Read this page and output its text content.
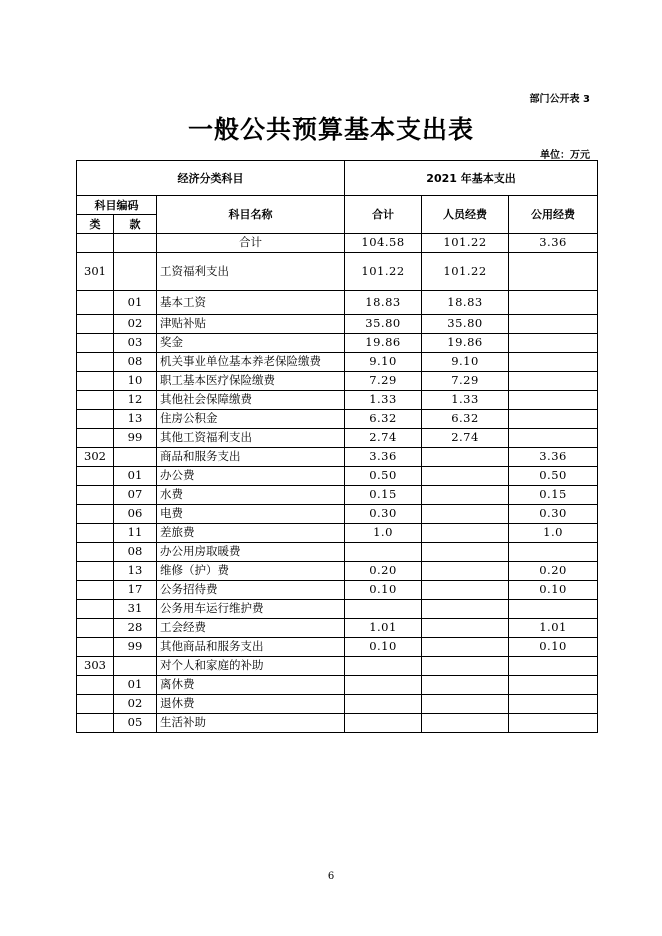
部门公开表 3
一般公共预算基本支出表
单位：万元
经济分类科目			2021 年基本支出		
科目编码		科目名称	合计	人员经费	公用经费
类	款				
		合计	104.58	101.22	3.36
301		工资福利支出	101.22	101.22	
	01	基本工资	18.83	18.83	
	02	津贴补贴	35.80	35.80	
	03	奖金	19.86	19.86	
	08	机关事业单位基本养老保险缴费	9.10	9.10	
	10	职工基本医疗保险缴费	7.29	7.29	
	12	其他社会保障缴费	1.33	1.33	
	13	住房公积金	6.32	6.32	
	99	其他工资福利支出	2.74	2.74	
302		商品和服务支出	3.36		3.36
	01	办公费	0.50		0.50
	07	水费	0.15		0.15
	06	电费	0.30		0.30
	11	差旅费	1.0		1.0
	08	办公用房取暖费			
	13	维修（护）费	0.20		0.20
	17	公务招待费	0.10		0.10
	31	公务用车运行维护费			
	28	工会经费	1.01		1.01
	99	其他商品和服务支出	0.10		0.10
303		对个人和家庭的补助			
	01	离休费			
	02	退休费			
	05	生活补助			
6
